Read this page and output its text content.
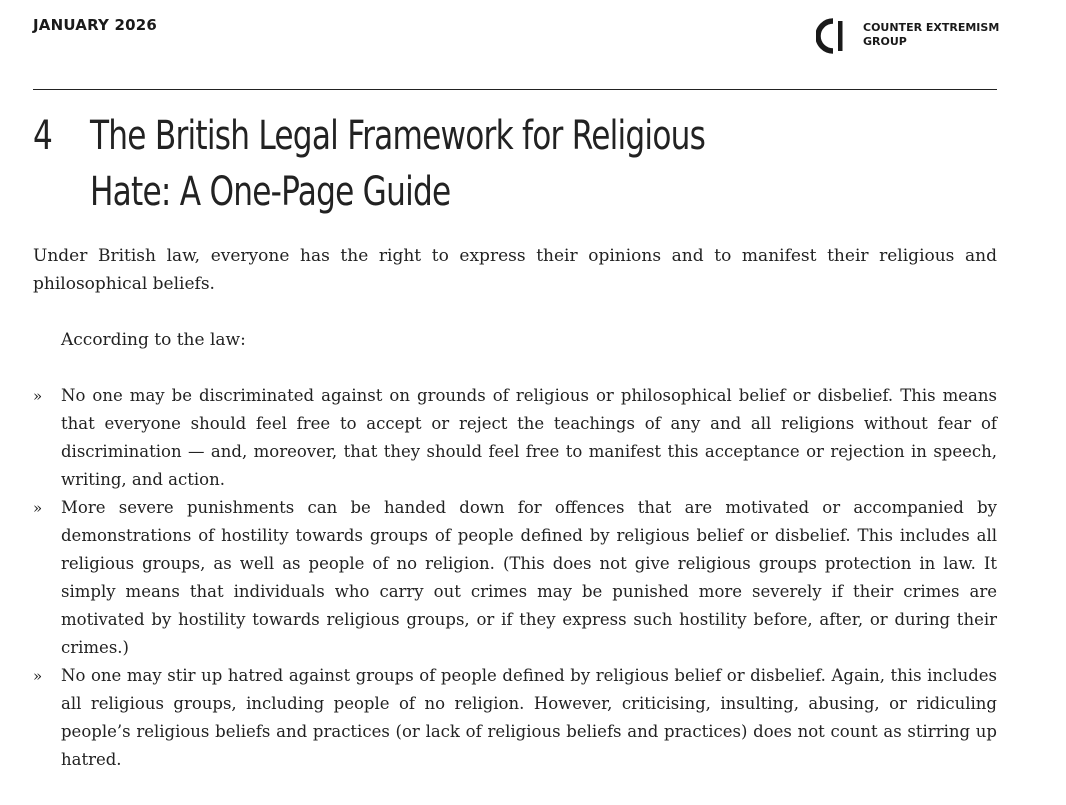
JANUARY 2026	COUNTER EXTREMISM
GROUP
4 The British Legal Framework for Religious
Hate: A One-Page Guide
Under British law, everyone has the right to express their opinions and to manifest their religious and philosophical beliefs.
According to the law:
» No one may be discriminated against on grounds of religious or philosophical belief or disbelief. This means that everyone should feel free to accept or reject the teachings of any and all religions without fear of discrimination — and, moreover, that they should feel free to manifest this acceptance or rejection in speech, writing, and action.
» More severe punishments can be handed down for offences that are motivated or accompanied by demonstrations of hostility towards groups of people defined by religious belief or disbelief. This includes all religious groups, as well as people of no religion. (This does not give religious groups protection in law. It simply means that individuals who carry out crimes may be punished more severely if their crimes are motivated by hostility towards religious groups, or if they express such hostility before, after, or during their crimes.)
» No one may stir up hatred against groups of people defined by religious belief or disbelief. Again, this includes all religious groups, including people of no religion. However, criticising, insulting, abusing, or ridiculing people’s religious beliefs and practices (or lack of religious beliefs and practices) does not count as stirring up hatred.
